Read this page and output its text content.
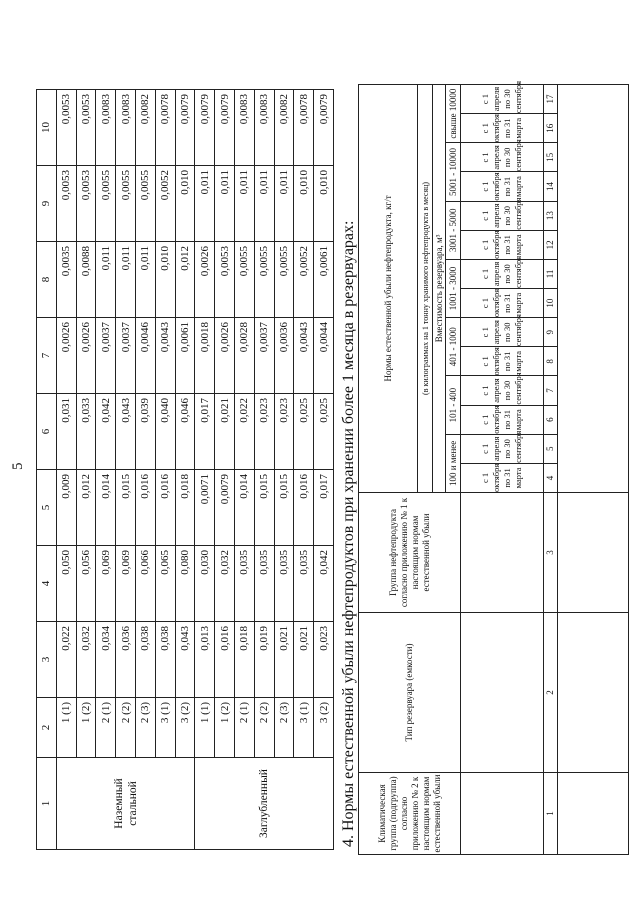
5
1	2	3	4	5	6	7	8	9	10
Наземный стальной	1 (1)	0,022	0,050	0,009	0,031	0,0026	0,0035	0,0053	0,0053
	1 (2)	0,032	0,056	0,012	0,033	0,0026	0,0088	0,0053	0,0053
	2 (1)	0,034	0,069	0,014	0,042	0,0037	0,011	0,0055	0,0083
	2 (2)	0,036	0,069	0,015	0,043	0,0037	0,011	0,0055	0,0083
	2 (3)	0,038	0,066	0,016	0,039	0,0046	0,011	0,0055	0,0082
	3 (1)	0,038	0,065	0,016	0,040	0,0043	0,010	0,0052	0,0078
	3 (2)	0,043	0,080	0,018	0,046	0,0061	0,012	0,010	0,0079
Заглубленный	1 (1)	0,013	0,030	0,0071	0,017	0,0018	0,0026	0,011	0,0079
	1 (2)	0,016	0,032	0,0079	0,021	0,0026	0,0053	0,011	0,0079
	2 (1)	0,018	0,035	0,014	0,022	0,0028	0,0055	0,011	0,0083
	2 (2)	0,019	0,035	0,015	0,023	0,0037	0,0055	0,011	0,0083
	2 (3)	0,021	0,035	0,015	0,023	0,0036	0,0055	0,011	0,0082
	3 (1)	0,021	0,035	0,016	0,025	0,0043	0,0052	0,010	0,0078
	3 (2)	0,023	0,042	0,017	0,025	0,0044	0,0061	0,010	0,0079
4. Нормы естественной убыли нефтепродуктов при хранении более 1 месяца в резервуарах: Климатическая группа (подгруппа) согласно приложению № 2 к настоящим нормам естественной убыли	Тип резервуара (емкости)	Группа нефтепродукта согласно приложению № 1 к настоящим нормам естественной убыли	Нормы естественной убыли нефтепродукта, кг/т													
			(в килограммах на 1 тонну хранимого нефтепродукта в месяц)													
			Вместимость резервуара, м³													
			100 и менее		101 - 400		401 - 1000		1001 - 3000		3001 - 5000		5001 - 10000		свыше 10000	
			с 1 октября по 31 марта	с 1 апреля по 30 сентября	с 1 октября по 31 марта	с 1 апреля по 30 сентября	с 1 октября по 31 марта	с 1 апреля по 30 сентября	с 1 октября по 31 марта	с 1 апреля по 30 сентября	с 1 октября по 31 марта	с 1 апреля по 30 сентября	с 1 октября по 31 марта	с 1 апреля по 30 сентября	с 1 октября по 31 марта	с 1 апреля по 30 сентября
1	2	3	4	5	6	7	8	9	10	11	12	13	14	15	16	17
